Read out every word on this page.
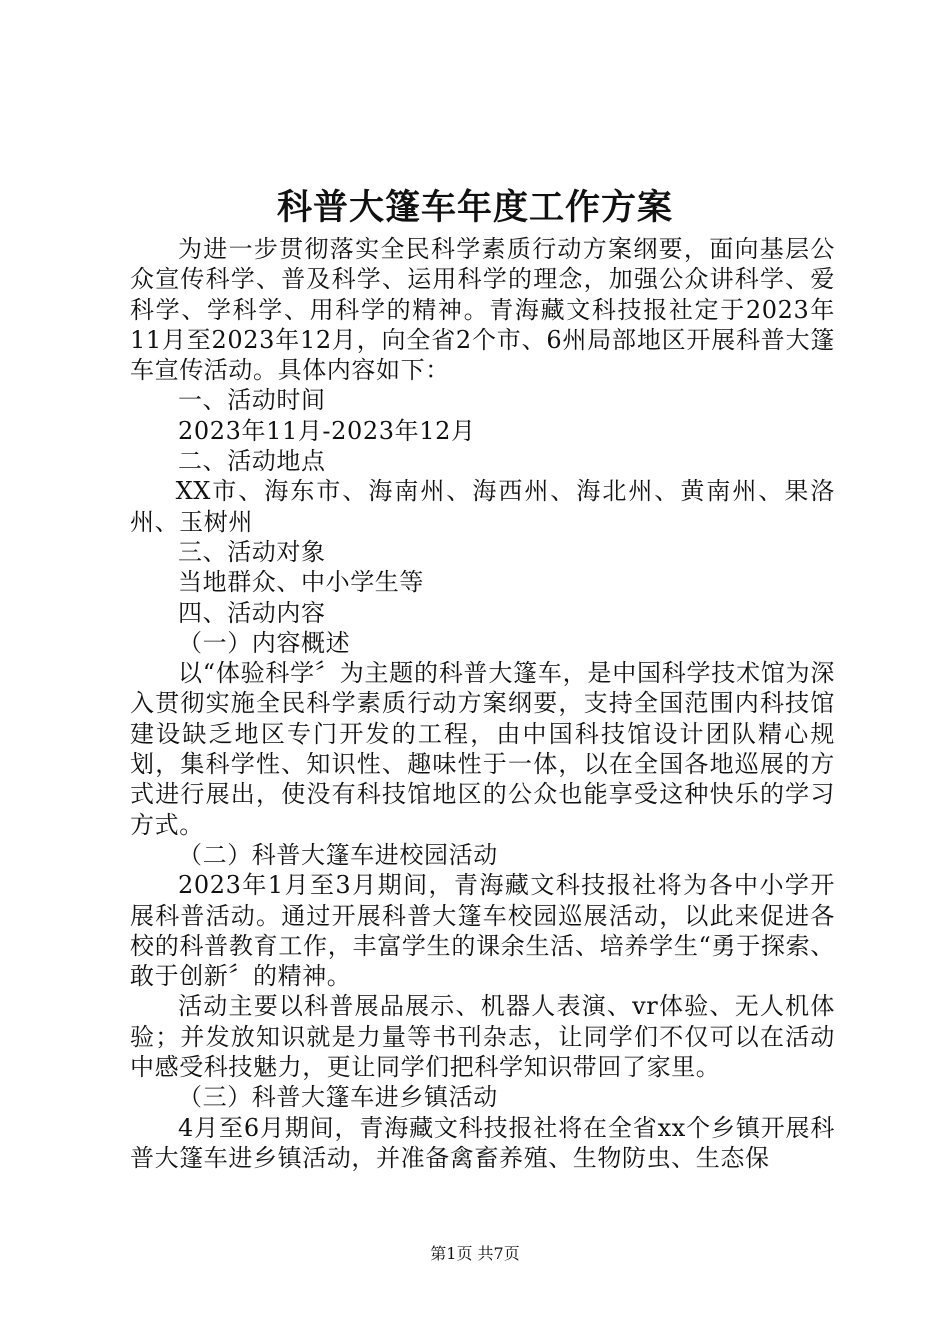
科普大篷车年度工作方案

为进一步贯彻落实全民科学素质行动方案纲要，面向基层公众宣传科学、普及科学、运用科学的理念，加强公众讲科学、爱科学、学科学、用科学的精神。青海藏文科技报社定于2023年11月至2023年12月，向全省2个市、6州局部地区开展科普大篷车宣传活动。具体内容如下：

一、活动时间

2023年11月-2023年12月

二、活动地点

XX市、海东市、海南州、海西州、海北州、黄南州、果洛州、玉树州

三、活动对象

当地群众、中小学生等

四、活动内容

（一）内容概述

以“体验科学〞为主题的科普大篷车，是中国科学技术馆为深入贯彻实施全民科学素质行动方案纲要，支持全国范围内科技馆建设缺乏地区专门开发的工程，由中国科技馆设计团队精心规划，集科学性、知识性、趣味性于一体，以在全国各地巡展的方式进行展出，使没有科技馆地区的公众也能享受这种快乐的学习方式。

（二）科普大篷车进校园活动

2023年1月至3月期间，青海藏文科技报社将为各中小学开展科普活动。通过开展科普大篷车校园巡展活动，以此来促进各校的科普教育工作，丰富学生的课余生活、培养学生“勇于探索、敢于创新〞的精神。

活动主要以科普展品展示、机器人表演、vr体验、无人机体验；并发放知识就是力量等书刊杂志，让同学们不仅可以在活动中感受科技魅力，更让同学们把科学知识带回了家里。

（三）科普大篷车进乡镇活动

4月至6月期间，青海藏文科技报社将在全省xx个乡镇开展科普大篷车进乡镇活动，并准备禽畜养殖、生物防虫、生态保

第1页 共7页
